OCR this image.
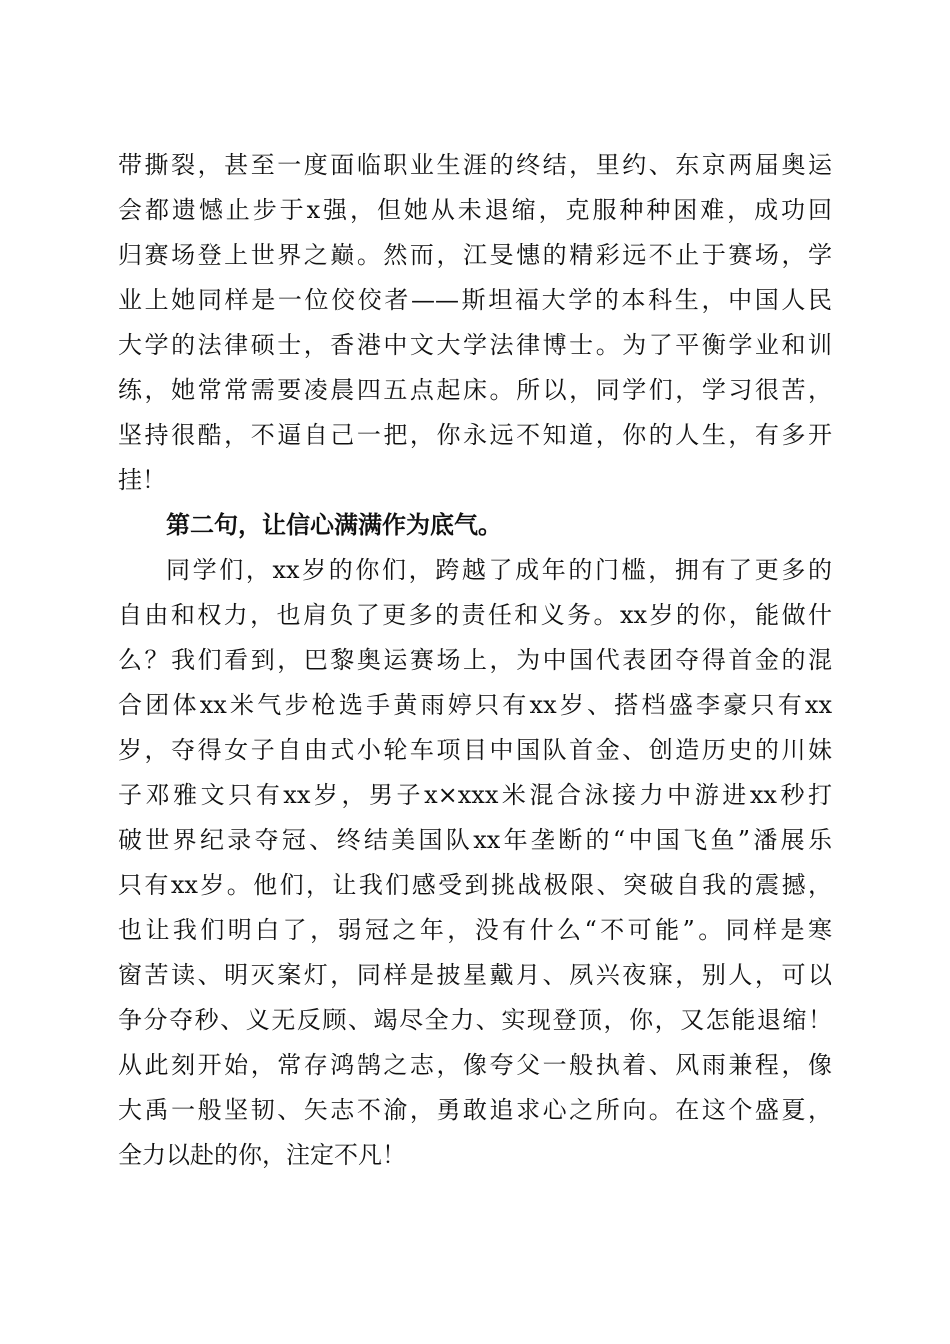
带撕裂，甚至一度面临职业生涯的终结，里约、东京两届奥运
会都遗憾止步于x强，但她从未退缩，克服种种困难，成功回
归赛场登上世界之巅。然而，江旻憓的精彩远不止于赛场，学
业上她同样是一位佼佼者——斯坦福大学的本科生，中国人民
大学的法律硕士，香港中文大学法律博士。为了平衡学业和训
练，她常常需要凌晨四五点起床。所以，同学们，学习很苦，
坚持很酷，不逼自己一把，你永远不知道，你的人生，有多开
挂！
第二句，让信心满满作为底气。
同学们，xx岁的你们，跨越了成年的门槛，拥有了更多的
自由和权力，也肩负了更多的责任和义务。xx岁的你，能做什
么？我们看到，巴黎奥运赛场上，为中国代表团夺得首金的混
合团体xx米气步枪选手黄雨婷只有xx岁、搭档盛李豪只有xx
岁，夺得女子自由式小轮车项目中国队首金、创造历史的川妹
子邓雅文只有xx岁，男子x×xxx米混合泳接力中游进xx秒打
破世界纪录夺冠、终结美国队xx年垄断的“中国飞鱼”潘展乐
只有xx岁。他们，让我们感受到挑战极限、突破自我的震撼，
也让我们明白了，弱冠之年，没有什么“不可能”。同样是寒
窗苦读、明灭案灯，同样是披星戴月、夙兴夜寐，别人，可以
争分夺秒、义无反顾、竭尽全力、实现登顶，你，又怎能退缩！
从此刻开始，常存鸿鹄之志，像夸父一般执着、风雨兼程，像
大禹一般坚韧、矢志不渝，勇敢追求心之所向。在这个盛夏，
全力以赴的你，注定不凡！
